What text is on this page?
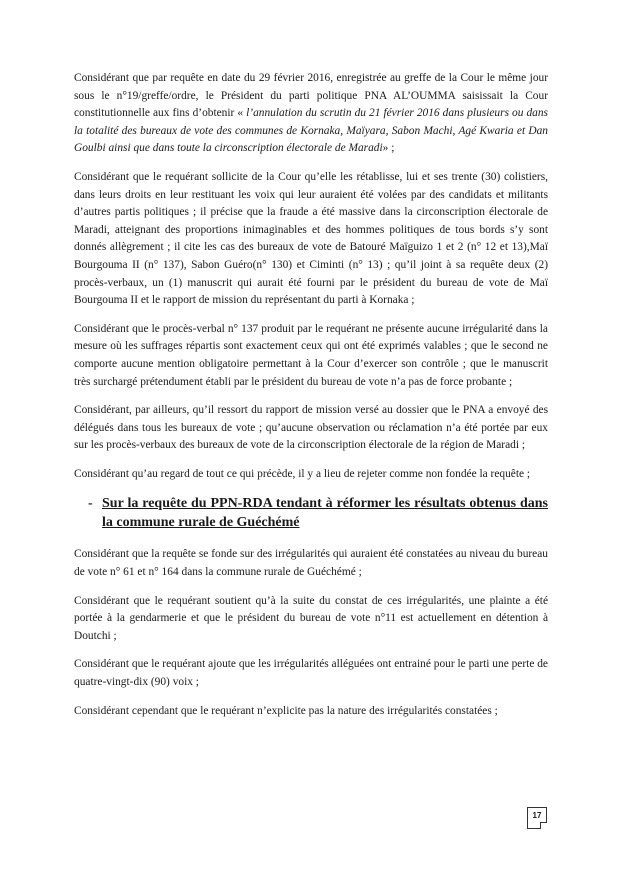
Considérant que par requête en date du 29 février 2016, enregistrée au greffe de la Cour le même jour sous le n°19/greffe/ordre, le Président du parti politique PNA AL’OUMMA saisissait la Cour constitutionnelle aux fins d’obtenir « l’annulation du scrutin du 21 février 2016 dans plusieurs ou dans la totalité des bureaux de vote des communes de Kornaka, Maïyara, Sabon Machi, Agé Kwaria et Dan Goulbi ainsi que dans toute la circonscription électorale de Maradi» ;

Considérant que le requérant sollicite de la Cour qu’elle les rétablisse, lui et ses trente (30) colistiers, dans leurs droits en leur restituant les voix qui leur auraient été volées par des candidats et militants d’autres partis politiques ; il précise que la fraude a été massive dans la circonscription électorale de Maradi, atteignant des proportions inimaginables et des hommes politiques de tous bords s’y sont donnés allègrement ; il cite les cas des bureaux de vote de Batouré Maïguizo 1 et 2 (n° 12 et 13),Maï Bourgouma II (n° 137), Sabon Guéro(n° 130) et Ciminti (n° 13) ; qu’il joint à sa requête deux (2) procès-verbaux, un (1) manuscrit qui aurait été fourni par le président du bureau de vote de Maï Bourgouma II et le rapport de mission du représentant du parti à Kornaka ;

Considérant que le procès-verbal n° 137 produit par le requérant ne présente aucune irrégularité dans la mesure où les suffrages répartis sont exactement ceux qui ont été exprimés valables ; que le second ne comporte aucune mention obligatoire permettant à la Cour d’exercer son contrôle ; que le manuscrit très surchargé prétendument établi par le président du bureau de vote n’a pas de force probante ;

Considérant, par ailleurs, qu’il ressort du rapport de mission versé au dossier que le PNA a envoyé des délégués dans tous les bureaux de vote ; qu’aucune observation ou réclamation n’a été portée par eux sur les procès-verbaux des bureaux de vote de la circonscription électorale de la région de Maradi ;

Considérant qu’au regard de tout ce qui précède, il y a lieu de rejeter comme non fondée la requête ;

- Sur la requête du PPN-RDA tendant à réformer les résultats obtenus dans la commune rurale de Guéchémé

Considérant que la requête se fonde sur des irrégularités qui auraient été constatées au niveau du bureau de vote n° 61 et n° 164 dans la commune rurale de Guéchémé ;

Considérant que le requérant soutient qu’à la suite du constat de ces irrégularités, une plainte a été portée à la gendarmerie et que le président du bureau de vote n°11 est actuellement en détention à Doutchi ;

Considérant que le requérant ajoute que les irrégularités alléguées ont entrainé pour le parti une perte de quatre-vingt-dix (90) voix ;

Considérant cependant que le requérant n’explicite pas la nature des irrégularités constatées ;

17
